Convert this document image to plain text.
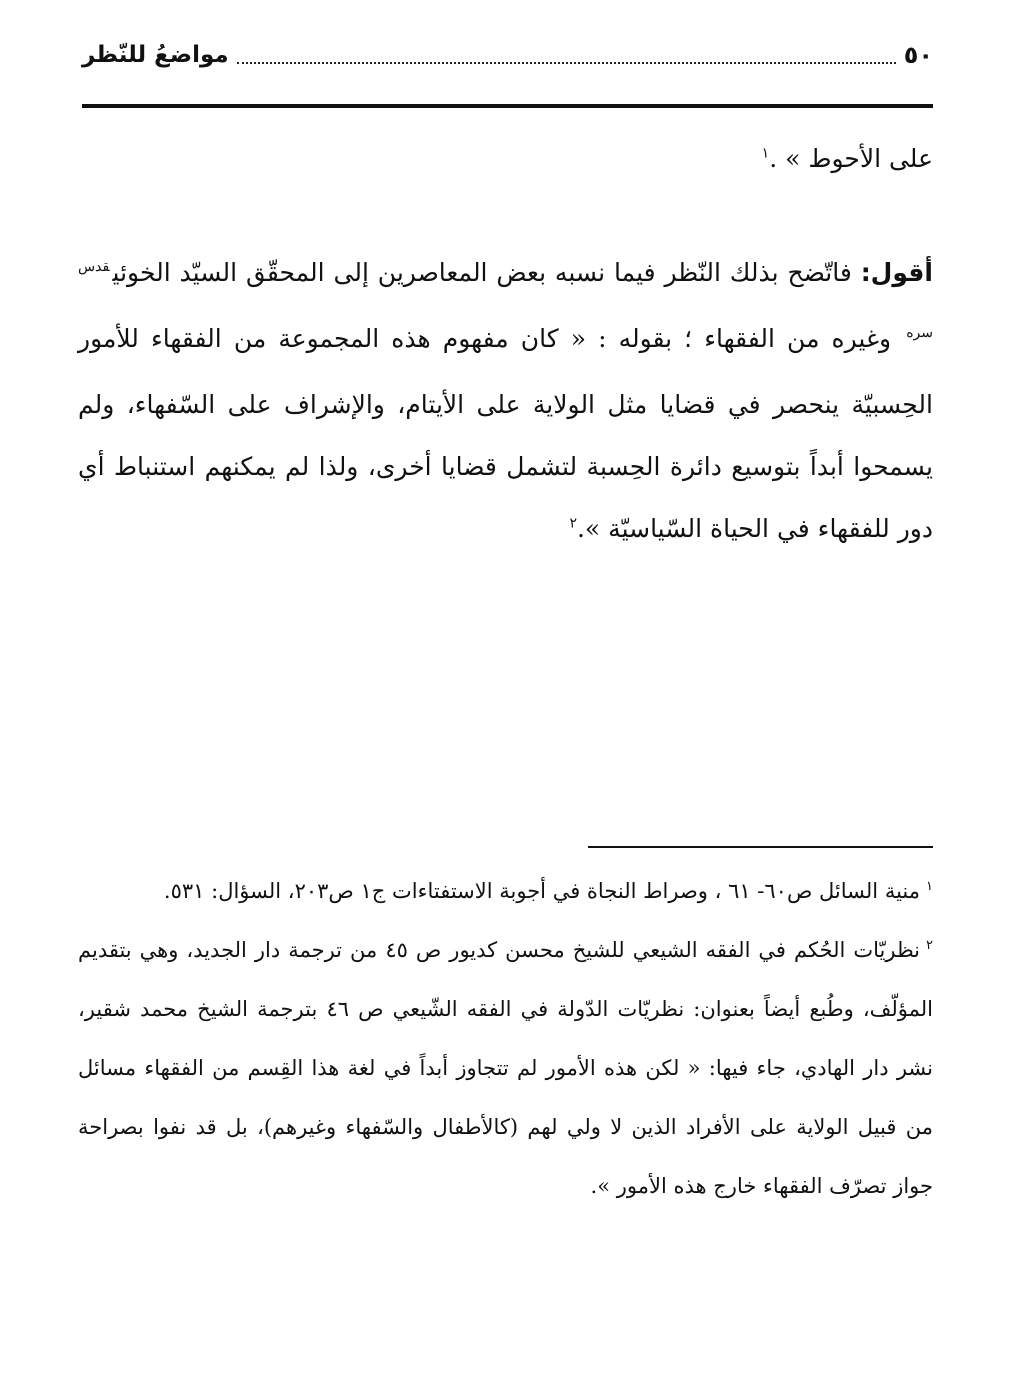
٥٠
مواضعُ للنّظر

على الأحوط » .$^١$

أقول: فاتّضح بذلك النّظر فيما نسبه بعض المعاصرين إلى المحقّق السيّد الخوئي$^{قدس سره}$ وغيره من الفقهاء ؛ بقوله : « كان مفهوم هذه المجموعة من الفقهاء للأمور الحِسبيّة ينحصر في قضايا مثل الولاية على الأيتام، والإشراف على السّفهاء، ولم يسمحوا أبداً بتوسيع دائرة الحِسبة لتشمل قضايا أخرى، ولذا لم يمكنهم استنباط أي دور للفقهاء في الحياة السّياسيّة ».$^٢$

$^١$منية السائل ص٦٠- ٦١ ، وصراط النجاة في أجوبة الاستفتاءات ج١ ص٢٠٣، السؤال: ٥٣١.

$^٢$نظريّات الحُكم في الفقه الشيعي للشيخ محسن كديور ص ٤٥ من ترجمة دار الجديد، وهي بتقديم المؤلّف، وطُبع أيضاً بعنوان: نظريّات الدّولة في الفقه الشّيعي ص ٤٦ بترجمة الشيخ محمد شقير، نشر دار الهادي، جاء فيها: « لكن هذه الأمور لم تتجاوز أبداً في لغة هذا القِسم من الفقهاء مسائل من قبيل الولاية على الأفراد الذين لا ولي لهم (كالأطفال والسّفهاء وغيرهم)، بل قد نفوا بصراحة جواز تصرّف الفقهاء خارج هذه الأمور ».
